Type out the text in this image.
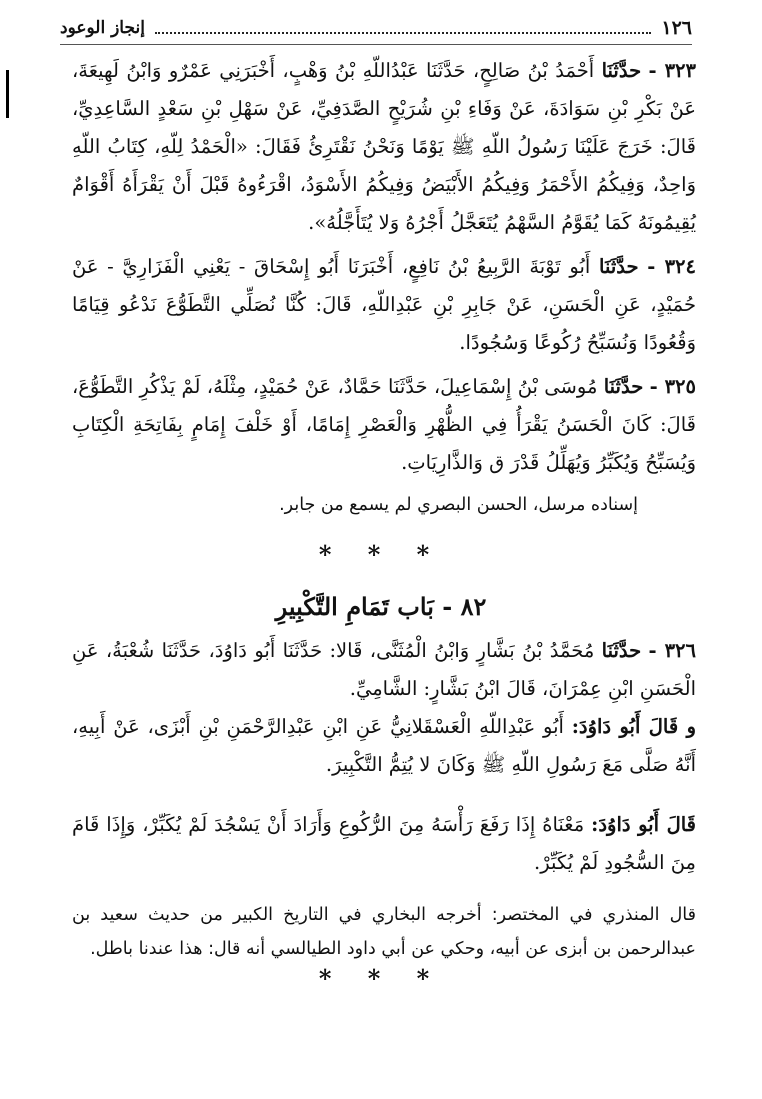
١٢٦
إنجاز الوعود

٣٢٣ - حدَّثَنَا أَحْمَدُ بْنُ صَالِحٍ، حَدَّثَنَا عَبْدُاللّهِ بْنُ وَهْبٍ، أَخْبَرَنِي عَمْرٌو وَابْنُ لَهِيعَةَ، عَنْ بَكْرِ بْنِ سَوَادَةَ، عَنْ وَفَاءِ بْنِ شُرَيْحٍ الصَّدَفِيِّ، عَنْ سَهْلِ بْنِ سَعْدٍ السَّاعِدِيِّ، قَالَ: خَرَجَ عَلَيْنَا رَسُولُ اللّهِ ﷺ يَوْمًا وَنَحْنُ نَقْتَرِئُ فَقَالَ: «الْحَمْدُ لِلّهِ، كِتَابُ اللّهِ وَاحِدٌ، وَفِيكُمُ الأَحْمَرُ وَفِيكُمُ الأَبْيَضُ وَفِيكُمُ الأَسْوَدُ، اقْرَءُوهُ قَبْلَ أَنْ يَقْرَأَهُ أَقْوَامٌ يُقِيمُونَهُ كَمَا يُقَوَّمُ السَّهْمُ يُتَعَجَّلُ أَجْرُهُ وَلا يُتَأَجَّلُهُ».

٣٢٤ - حدَّثَنَا أَبُو تَوْبَةَ الرَّبِيعُ بْنُ نَافِعٍ، أَخْبَرَنَا أَبُو إِسْحَاقَ - يَعْنِي الْفَزَارِيَّ - عَنْ حُمَيْدٍ، عَنِ الْحَسَنِ، عَنْ جَابِرِ بْنِ عَبْدِاللّهِ، قَالَ: كُنَّا نُصَلِّي التَّطَوُّعَ نَدْعُو قِيَامًا وَقُعُودًا وَنُسَبِّحُ رُكُوعًا وَسُجُودًا.

٣٢٥ - حدَّثَنَا مُوسَى بْنُ إِسْمَاعِيلَ، حَدَّثَنَا حَمَّادٌ، عَنْ حُمَيْدٍ، مِثْلَهُ، لَمْ يَذْكُرِ التَّطَوُّعَ، قَالَ: كَانَ الْحَسَنُ يَقْرَأُ فِي الظُّهْرِ وَالْعَصْرِ إِمَامًا، أَوْ خَلْفَ إِمَامٍ بِفَاتِحَةِ الْكِتَابِ وَيُسَبِّحُ وَيُكَبِّرُ وَيُهَلِّلُ قَدْرَ ق وَالذَّارِيَاتِ.

إسناده مرسل، الحسن البصري لم يسمع من جابر.

* * *
٨٢ - بَاب تَمَامِ التَّكْبِيرِ

٣٢٦ - حدَّثَنَا مُحَمَّدُ بْنُ بَشَّارٍ وَابْنُ الْمُثَنَّى، قَالا: حَدَّثَنَا أَبُو دَاوُدَ، حَدَّثَنَا شُعْبَةُ، عَنِ الْحَسَنِ ابْنِ عِمْرَانَ، قَالَ ابْنُ بَشَّارٍ: الشَّامِيِّ.

و قَالَ أَبُو دَاوُدَ: أَبُو عَبْدِاللّهِ الْعَسْقَلانِيُّ عَنِ ابْنِ عَبْدِالرَّحْمَنِ بْنِ أَبْزَى، عَنْ أَبِيهِ، أَنَّهُ صَلَّى مَعَ رَسُولِ اللّهِ ﷺ وَكَانَ لا يُتِمُّ التَّكْبِيرَ.

قَالَ أَبُو دَاوُدَ: مَعْنَاهُ إِذَا رَفَعَ رَأْسَهُ مِنَ الرُّكُوعِ وَأَرَادَ أَنْ يَسْجُدَ لَمْ يُكَبِّرْ، وَإِذَا قَامَ مِنَ السُّجُودِ لَمْ يُكَبِّرْ.

قال المنذري في المختصر: أخرجه البخاري في التاريخ الكبير من حديث سعيد بن عبدالرحمن بن أبزى عن أبيه، وحكي عن أبي داود الطيالسي أنه قال: هذا عندنا باطل.

* * *
